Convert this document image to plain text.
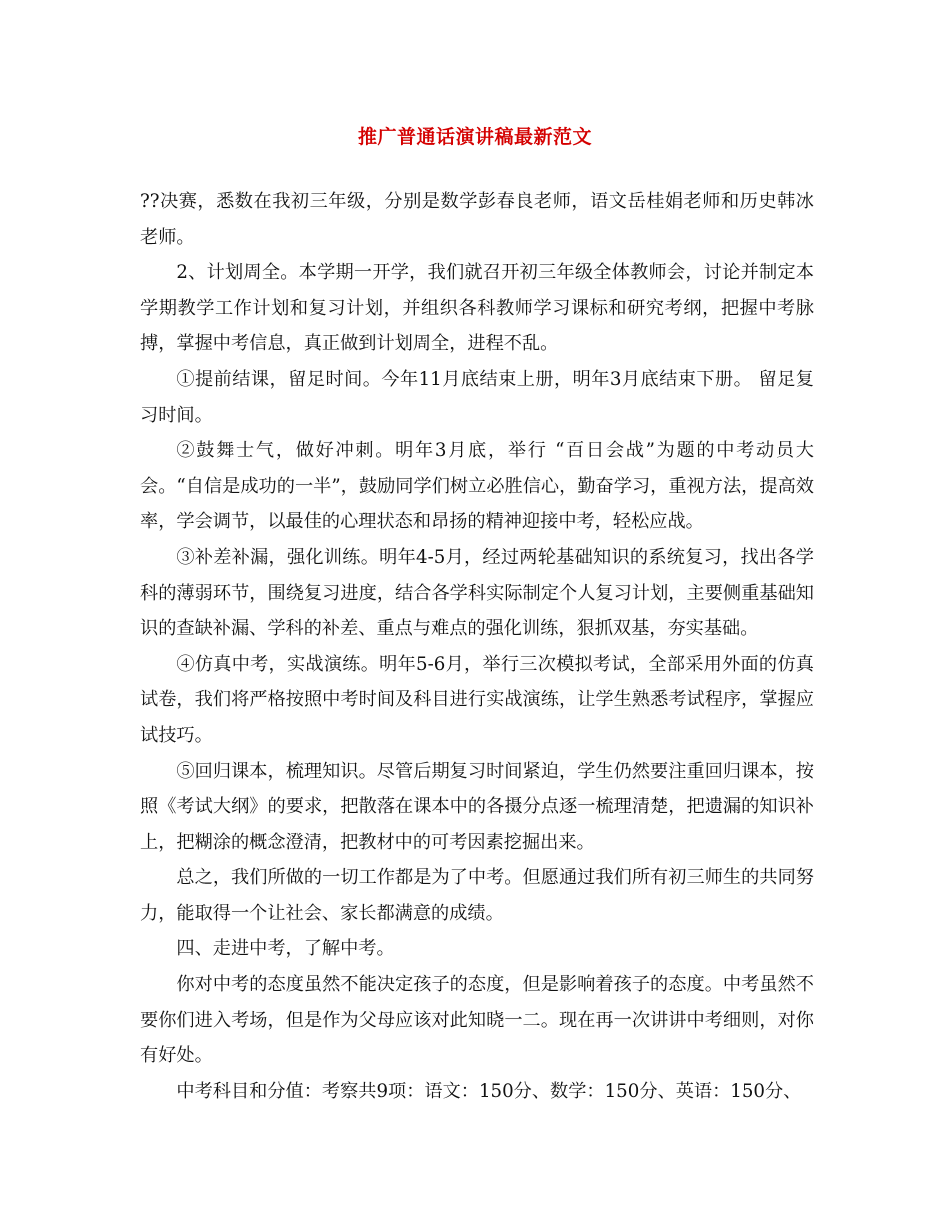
推广普通话演讲稿最新范文

??决赛，悉数在我初三年级，分别是数学彭春良老师，语文岳桂娟老师和历史韩冰老师。

2、计划周全。本学期一开学，我们就召开初三年级全体教师会，讨论并制定本学期教学工作计划和复习计划，并组织各科教师学习课标和研究考纲，把握中考脉搏，掌握中考信息，真正做到计划周全，进程不乱。

①提前结课，留足时间。今年11月底结束上册，明年3月底结束下册。 留足复习时间。

②鼓舞士气，做好冲刺。明年3月底，举行 “百日会战”为题的中考动员大会。“自信是成功的一半”，鼓励同学们树立必胜信心，勤奋学习，重视方法，提高效率，学会调节，以最佳的心理状态和昂扬的精神迎接中考，轻松应战。

③补差补漏，强化训练。明年4-5月，经过两轮基础知识的系统复习，找出各学科的薄弱环节，围绕复习进度，结合各学科实际制定个人复习计划，主要侧重基础知识的查缺补漏、学科的补差、重点与难点的强化训练，狠抓双基，夯实基础。

④仿真中考，实战演练。明年5-6月，举行三次模拟考试，全部采用外面的仿真试卷，我们将严格按照中考时间及科目进行实战演练，让学生熟悉考试程序，掌握应试技巧。

⑤回归课本，梳理知识。尽管后期复习时间紧迫，学生仍然要注重回归课本，按照《考试大纲》的要求，把散落在课本中的各摄分点逐一梳理清楚，把遗漏的知识补上，把糊涂的概念澄清，把教材中的可考因素挖掘出来。

总之，我们所做的一切工作都是为了中考。但愿通过我们所有初三师生的共同努力，能取得一个让社会、家长都满意的成绩。

四、走进中考，了解中考。

你对中考的态度虽然不能决定孩子的态度，但是影响着孩子的态度。中考虽然不要你们进入考场，但是作为父母应该对此知晓一二。现在再一次讲讲中考细则，对你有好处。

中考科目和分值：考察共9项：语文：150分、数学：150分、英语：150分、
